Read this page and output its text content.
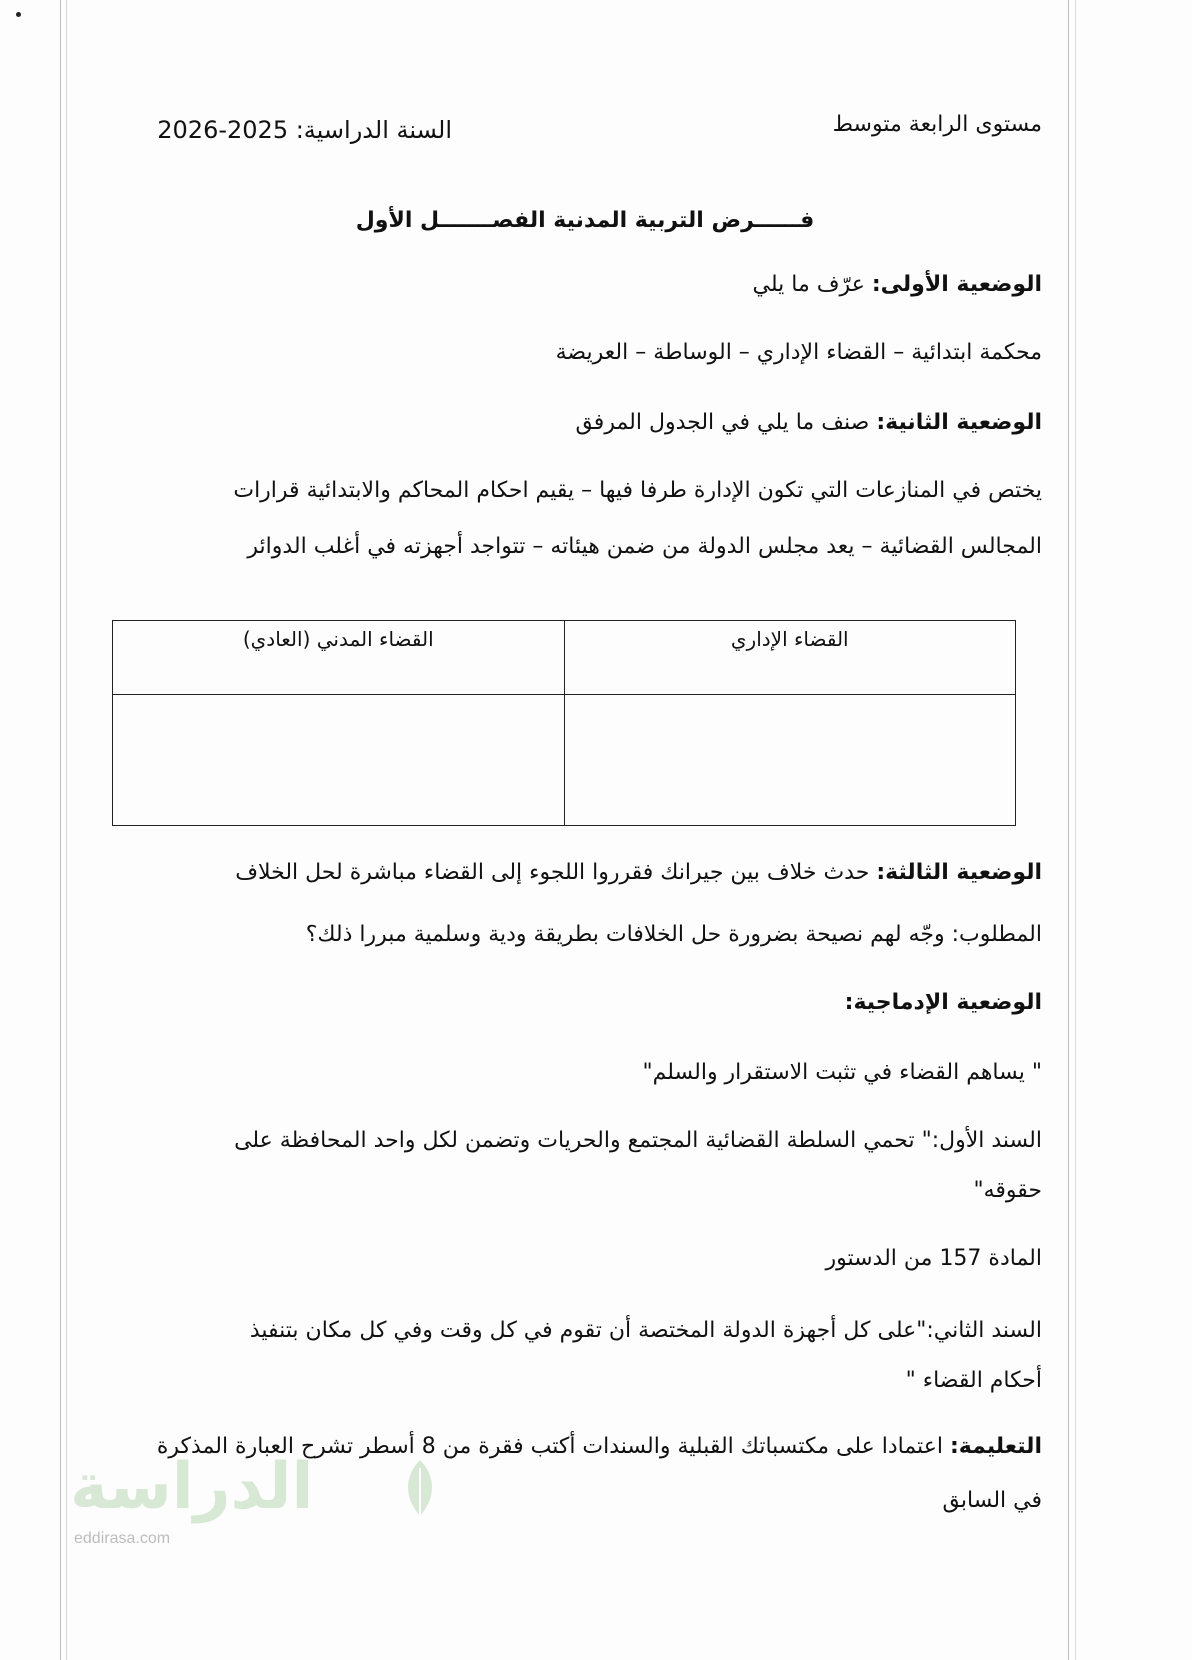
السنة الدراسية: 2025-2026	مستوى الرابعة متوسط
فــــــرض التربية المدنية الفصـــــــل الأول
الوضعية الأولى: عرّف ما يلي
محكمة ابتدائية – القضاء الإداري – الوساطة – العريضة
الوضعية الثانية: صنف ما يلي في الجدول المرفق
يختص في المنازعات التي تكون الإدارة طرفا فيها – يقيم احكام المحاكم والابتدائية قرارات
المجالس القضائية – يعد مجلس الدولة من ضمن هيئاته – تتواجد أجهزته في أغلب الدوائر
القضاء المدني (العادي)	القضاء الإداري

الوضعية الثالثة: حدث خلاف بين جيرانك فقرروا اللجوء إلى القضاء مباشرة لحل الخلاف
المطلوب: وجّه لهم نصيحة بضرورة حل الخلافات بطريقة ودية وسلمية مبررا ذلك؟
الوضعية الإدماجية:
" يساهم القضاء في تثبت الاستقرار والسلم"
السند الأول:" تحمي السلطة القضائية المجتمع والحريات وتضمن لكل واحد المحافظة على
حقوقه"
المادة 157 من الدستور
السند الثاني:"على كل أجهزة الدولة المختصة أن تقوم في كل وقت وفي كل مكان بتنفيذ
أحكام القضاء "
التعليمة: اعتمادا على مكتسباتك القبلية والسندات أكتب فقرة من 8 أسطر تشرح العبارة المذكرة
في السابق
الدراسة
eddirasa.com
